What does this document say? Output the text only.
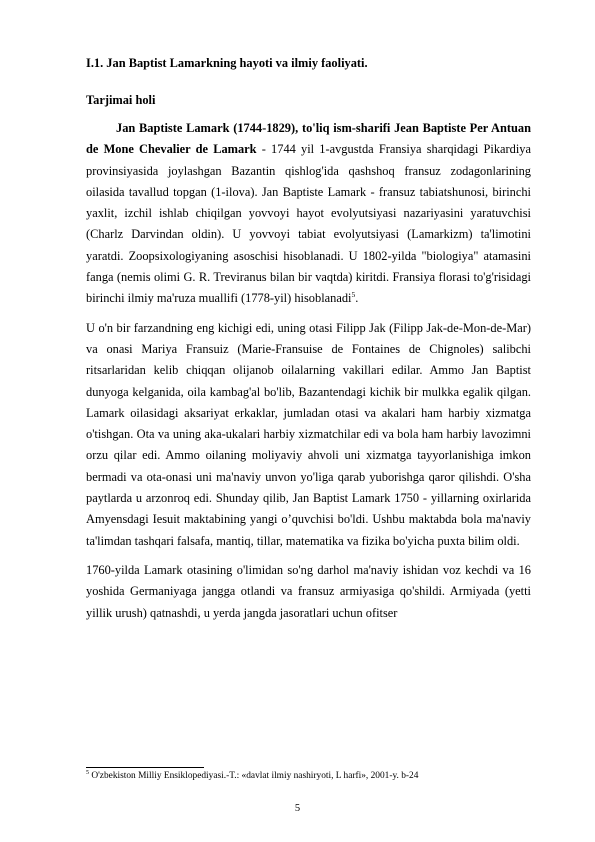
I.1. Jan Baptist Lamarkning hayoti va ilmiy faoliyati.
Tarjimai holi

Jan Baptiste Lamark (1744-1829), to'liq ism-sharifi Jean Baptiste Per Antuan de Mone Chevalier de Lamark - 1744 yil 1-avgustda Fransiya sharqidagi Pikardiya provinsiyasida joylashgan Bazantin qishlog'ida qashshoq fransuz zodagonlarining oilasida tavallud topgan (1-ilova). Jan Baptiste Lamark - fransuz tabiatshunosi, birinchi yaxlit, izchil ishlab chiqilgan yovvoyi hayot evolyutsiyasi nazariyasini yaratuvchisi (Charlz Darvindan oldin). U yovvoyi tabiat evolyutsiyasi (Lamarkizm) ta'limotini yaratdi. Zoopsixologiyaning asoschisi hisoblanadi. U 1802-yilda "biologiya" atamasini fanga (nemis olimi G. R. Treviranus bilan bir vaqtda) kiritdi. Fransiya florasi to'g'risidagi birinchi ilmiy ma'ruza muallifi (1778-yil) hisoblanadi$^5$.

U o'n bir farzandning eng kichigi edi, uning otasi Filipp Jak (Filipp Jak-de-Mon-de-Mar) va onasi Mariya Fransuiz (Marie-Fransuise de Fontaines de Chignoles) salibchi ritsarlaridan kelib chiqqan olijanob oilalarning vakillari edilar. Ammo Jan Baptist dunyoga kelganida, oila kambag'al bo'lib, Bazantendagi kichik bir mulkka egalik qilgan. Lamark oilasidagi aksariyat erkaklar, jumladan otasi va akalari ham harbiy xizmatga o'tishgan. Ota va uning aka-ukalari harbiy xizmatchilar edi va bola ham harbiy lavozimni orzu qilar edi. Ammo oilaning moliyaviy ahvoli uni xizmatga tayyorlanishiga imkon bermadi va ota-onasi uni ma'naviy unvon yo'liga qarab yuborishga qaror qilishdi. O'sha paytlarda u arzonroq edi. Shunday qilib, Jan Baptist Lamark 1750 - yillarning oxirlarida Amyensdagi Iesuit maktabining yangi o’quvchisi bo'ldi. Ushbu maktabda bola ma'naviy ta'limdan tashqari falsafa, mantiq, tillar, matematika va fizika bo'yicha puxta bilim oldi.

1760-yilda Lamark otasining o'limidan so'ng darhol ma'naviy ishidan voz kechdi va 16 yoshida Germaniyaga jangga otlandi va fransuz armiyasiga qo'shildi. Armiyada (yetti yillik urush) qatnashdi, u yerda jangda jasoratlari uchun ofitser

$^5$ O'zbekiston Milliy Ensiklopediyasi.-T.: «davlat ilmiy nashiryoti, L harfi», 2001-y. b-24
5
